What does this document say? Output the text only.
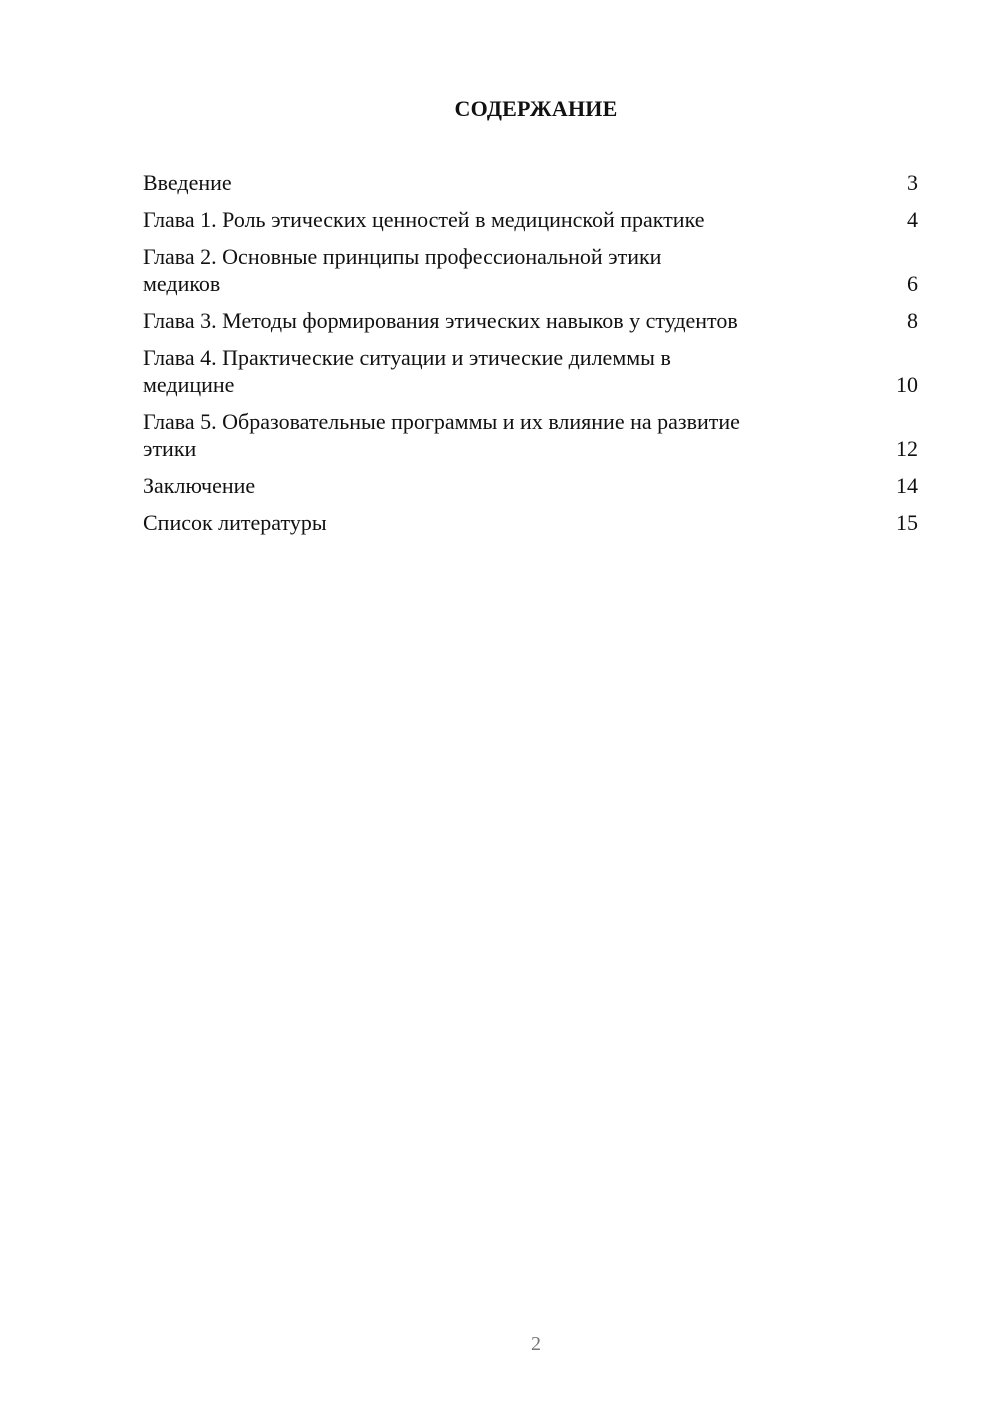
СОДЕРЖАНИЕ
Введение	3
Глава 1. Роль этических ценностей в медицинской практике	4
Глава 2. Основные принципы профессиональной этики
медиков	6
Глава 3. Методы формирования этических навыков у студентов	8
Глава 4. Практические ситуации и этические дилеммы в
медицине	10
Глава 5. Образовательные программы и их влияние на развитие
этики	12
Заключение	14
Список литературы	15
2
